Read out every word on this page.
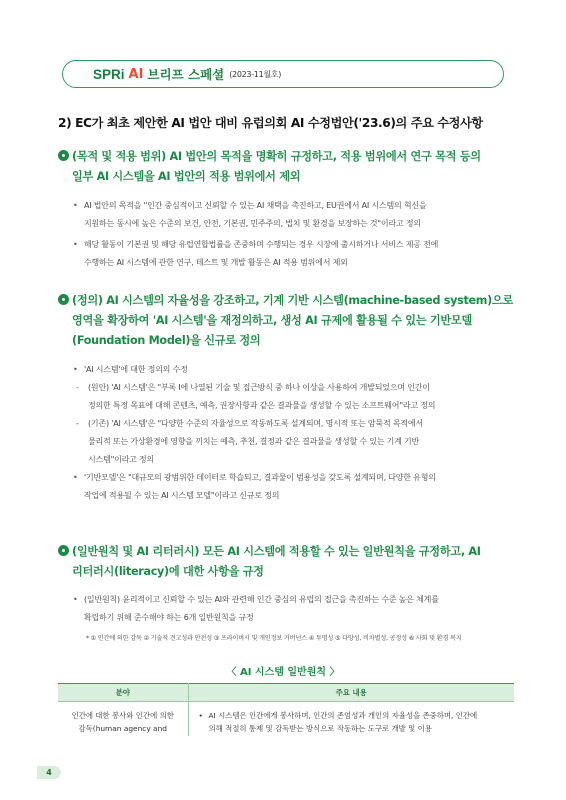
SPRi AI 브리프 스페셜 (2023-11월호)
2) EC가 최초 제안한 AI 법안 대비 유럽의회 AI 수정법안('23.6)의 주요 수정사항
(목적 및 적용 범위) AI 법안의 목적을 명확히 규정하고, 적용 범위에서 연구 목적 등의
일부 AI 시스템을 AI 법안의 적용 범위에서 제외
• AI 법안의 목적을 "인간 중심적이고 신뢰할 수 있는 AI 채택을 촉진하고, EU권에서 AI 시스템의 혁신을
지원하는 동시에 높은 수준의 보건, 안전, 기본권, 민주주의, 법치 및 환경을 보장하는 것"이라고 정의
• 해당 활동이 기본권 및 해당 유럽연합법률을 존중하며 수행되는 경우 시장에 출시하거나 서비스 제공 전에
수행하는 AI 시스템에 관한 연구, 테스트 및 개발 활동은 AI 적용 범위에서 제외
(정의) AI 시스템의 자율성을 강조하고, 기계 기반 시스템(machine-based system)으로
영역을 확장하여 'AI 시스템'을 재정의하고, 생성 AI 규제에 활용될 수 있는 기반모델
(Foundation Model)을 신규로 정의
• 'AI 시스템'에 대한 정의의 수정
- (원안) 'AI 시스템'은 "부록 I에 나열된 기술 및 접근방식 중 하나 이상을 사용하여 개발되었으며 인간이
정의한 특정 목표에 대해 콘텐츠, 예측, 권장사항과 같은 결과물을 생성할 수 있는 소프트웨어"라고 정의
- (기존) 'AI 시스템'은 "다양한 수준의 자율성으로 작동하도록 설계되며, 명시적 또는 암묵적 목적에서
물리적 또는 가상환경에 영향을 끼치는 예측, 추천, 결정과 같은 결과물을 생성할 수 있는 기계 기반
시스템"이라고 정의
• '기반모델'은 "대규모의 광범위한 데이터로 학습되고, 결과물이 범용성을 갖도록 설계되며, 다양한 유형의
작업에 적용될 수 있는 AI 시스템 모델"이라고 신규로 정의
(일반원칙 및 AI 리터러시) 모든 AI 시스템에 적용할 수 있는 일반원칙을 규정하고, AI
리터러시(literacy)에 대한 사항을 규정
• (일반원칙) 윤리적이고 신뢰할 수 있는 AI와 관련해 인간 중심의 유럽의 접근을 촉진하는 수준 높은 체계를
확립하기 위해 준수해야 하는 6개 일반원칙을 규정
* ① 인간에 의한 감독 ② 기술적 견고성과 안전성 ③ 프라이버시 및 개인정보 거버넌스 ④ 투명성 ⑤ 다양성, 비차별성, 공정성 ⑥ 사회 및 환경 복지
〈 AI 시스템 일반원칙 〉
분야	주요 내용

인간에 대한 봉사와 인간에 의한
감독(human agency and	• AI 시스템은 인간에게 봉사하며, 인간의 존엄성과 개인의 자율성을 존중하며, 인간에
의해 적절히 통제 및 감독받는 방식으로 작동하는 도구로 개발 및 이용
4
